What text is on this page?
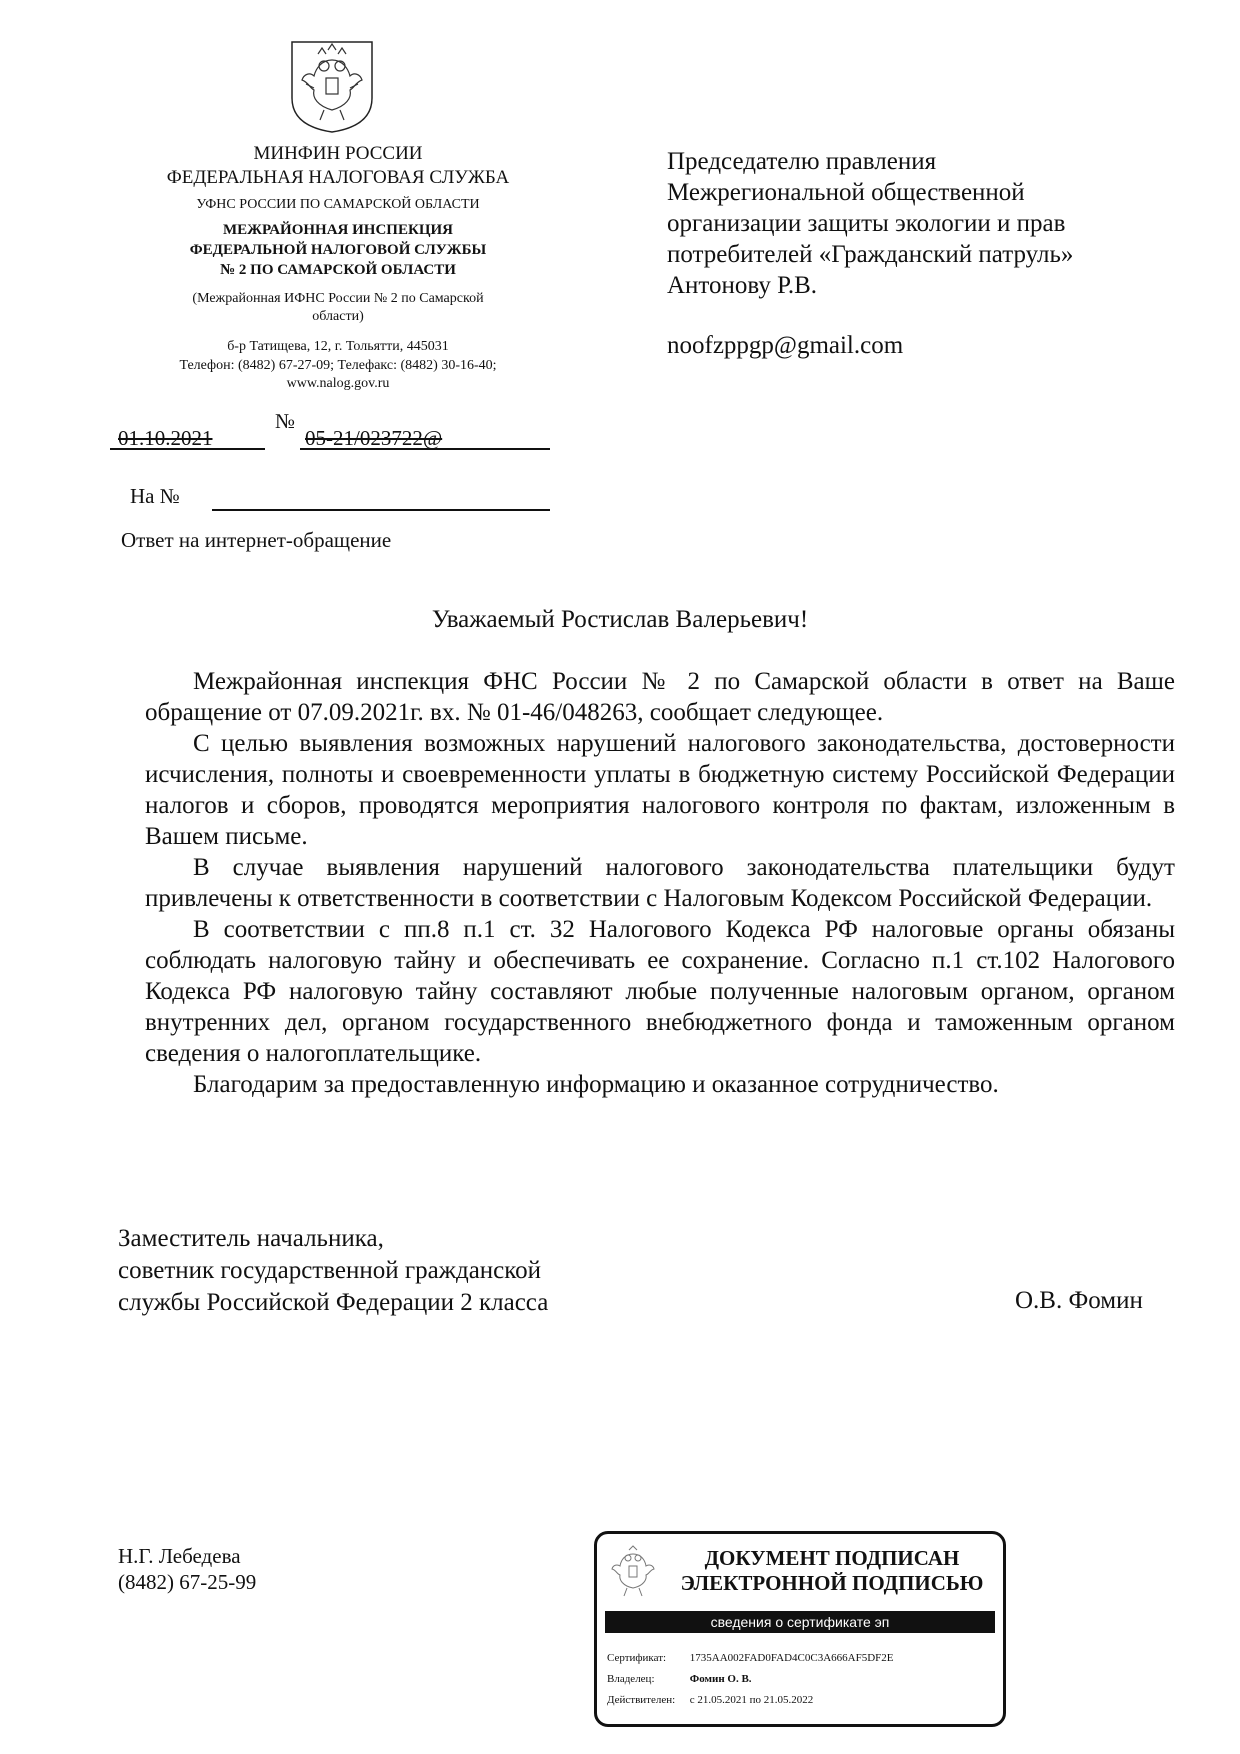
МИНФИН РОССИИ
ФЕДЕРАЛЬНАЯ НАЛОГОВАЯ СЛУЖБА
УФНС РОССИИ ПО САМАРСКОЙ ОБЛАСТИ
МЕЖРАЙОННАЯ ИНСПЕКЦИЯ
ФЕДЕРАЛЬНОЙ НАЛОГОВОЙ СЛУЖБЫ
№ 2 ПО САМАРСКОЙ ОБЛАСТИ
(Межрайонная ИФНС России № 2 по Самарской
области)
б-р Татищева, 12, г. Тольятти, 445031
Телефон: (8482) 67-27-09; Телефакс: (8482) 30-16-40;
www.nalog.gov.ru
01.10.2021
№
05-21/023722@
На №
Ответ на интернет-обращение
Председателю правления
Межрегиональной общественной
организации защиты экологии и прав
потребителей «Гражданский патруль»
Антонову Р.В.
noofzppgp@gmail.com
Уважаемый Ростислав Валерьевич!

Межрайонная инспекция ФНС России № 2 по Самарской области в ответ на Ваше обращение от 07.09.2021г. вх. № 01-46/048263, сообщает следующее.

С целью выявления возможных нарушений налогового законодательства, достоверности исчисления, полноты и своевременности уплаты в бюджетную систему Российской Федерации налогов и сборов, проводятся мероприятия налогового контроля по фактам, изложенным в Вашем письме.

В случае выявления нарушений налогового законодательства плательщики будут привлечены к ответственности в соответствии с Налоговым Кодексом Российской Федерации.

В соответствии с пп.8 п.1 ст. 32 Налогового Кодекса РФ налоговые органы обязаны соблюдать налоговую тайну и обеспечивать ее сохранение. Согласно п.1 ст.102 Налогового Кодекса РФ налоговую тайну составляют любые полученные налоговым органом, органом внутренних дел, органом государственного внебюджетного фонда и таможенным органом сведения о налогоплательщике.

Благодарим за предоставленную информацию и оказанное сотрудничество.

Заместитель начальника,
советник государственной гражданской
службы Российской Федерации 2 класса	О.В. Фомин
Н.Г. Лебедева
(8482) 67-25-99
ДОКУМЕНТ ПОДПИСАН
ЭЛЕКТРОННОЙ ПОДПИСЬЮ
сведения о сертификате эп
Сертификат: 1735AA002FAD0FAD4C0C3A666AF5DF2E
Владелец:	Фомин О. В.
Действителен: с 21.05.2021 по 21.05.2022
